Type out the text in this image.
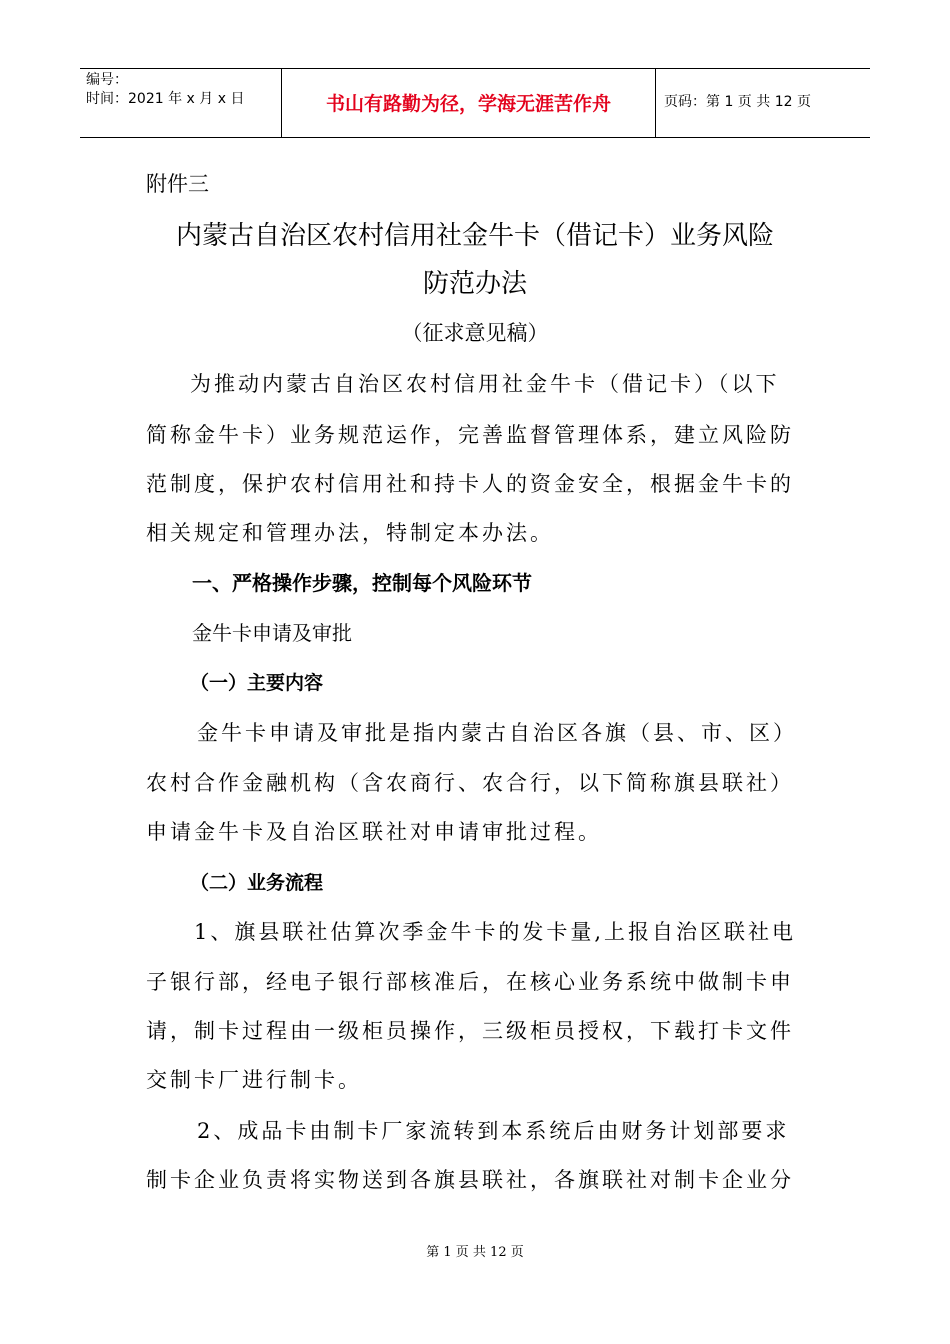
编号：
时间：2021 年 x 月 x 日	书山有路勤为径，学海无涯苦作舟	页码：第 1 页 共 12 页
附件三
内蒙古自治区农村信用社金牛卡（借记卡）业务风险
防范办法
（征求意见稿）
为推动内蒙古自治区农村信用社金牛卡（借记卡）（以下
简称金牛卡）业务规范运作，完善监督管理体系，建立风险防
范制度，保护农村信用社和持卡人的资金安全，根据金牛卡的
相关规定和管理办法，特制定本办法。
一、严格操作步骤，控制每个风险环节
金牛卡申请及审批
（一）主要内容
金牛卡申请及审批是指内蒙古自治区各旗（县、市、区）
农村合作金融机构（含农商行、农合行，以下简称旗县联社）
申请金牛卡及自治区联社对申请审批过程。
（二）业务流程
1、旗县联社估算次季金牛卡的发卡量,上报自治区联社电
子银行部，经电子银行部核准后，在核心业务系统中做制卡申
请，制卡过程由一级柜员操作，三级柜员授权，下载打卡文件
交制卡厂进行制卡。
2、成品卡由制卡厂家流转到本系统后由财务计划部要求
制卡企业负责将实物送到各旗县联社，各旗联社对制卡企业分
第 1 页 共 12 页
